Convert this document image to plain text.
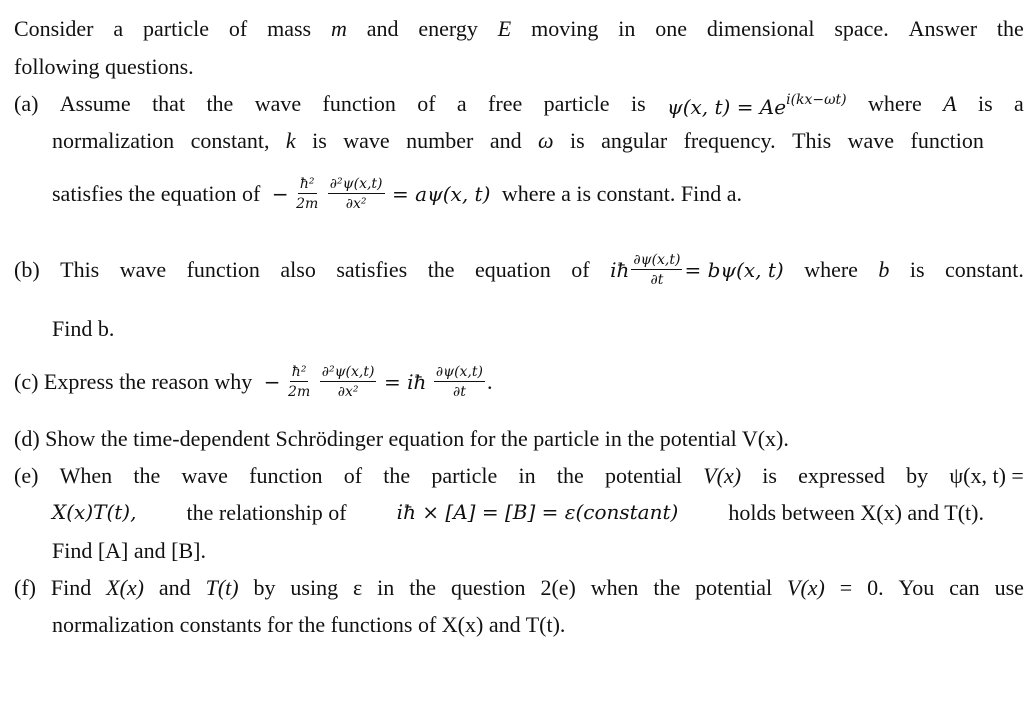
Consider a particle of mass m and energy E moving in one dimensional space. Answer the
following questions.
(a) Assume that the wave function of a free particle is ψ(x, $t) = Ae^{i(kx-\omega t)}$ where A is a
normalization constant, k is wave number and ω is angular frequency. This wave function
satisfies the equation of − $\frac{\text{ħ²}}{2m}$
$\frac{\text{∂²ψ(x,t)}}{\text{∂x²}} = a\psi(x$, t) where a is constant. Find a.
(b) This wave function also satisfies the equation of iħ $\frac{\partial\psi(x,t)}{\partial t} = b\psi(x$, t) where b is constant.
Find b.
(c) Express the reason why − $\frac{\text{ħ²}}{2m}$
$\frac{\text{∂²ψ(x,t)}}{\text{∂x²}}$ = iħ $\frac{\partial\psi(x,t)}{\partial t}$ .
(d) Show the time-dependent Schrödinger equation for the particle in the potential V(x).
(e) When the wave function of the particle in the potential V(x) is expressed by ψ(x, t) =
X(x)T(t), the relationship of	iħ × [A] = [B] = ε(constant) holds between X(x) and T(t).
Find [A] and [B].
(f) Find X(x) and T(t) by using ε in the question 2(e) when the potential V(x) = 0. You can use
normalization constants for the functions of X(x) and T(t).
